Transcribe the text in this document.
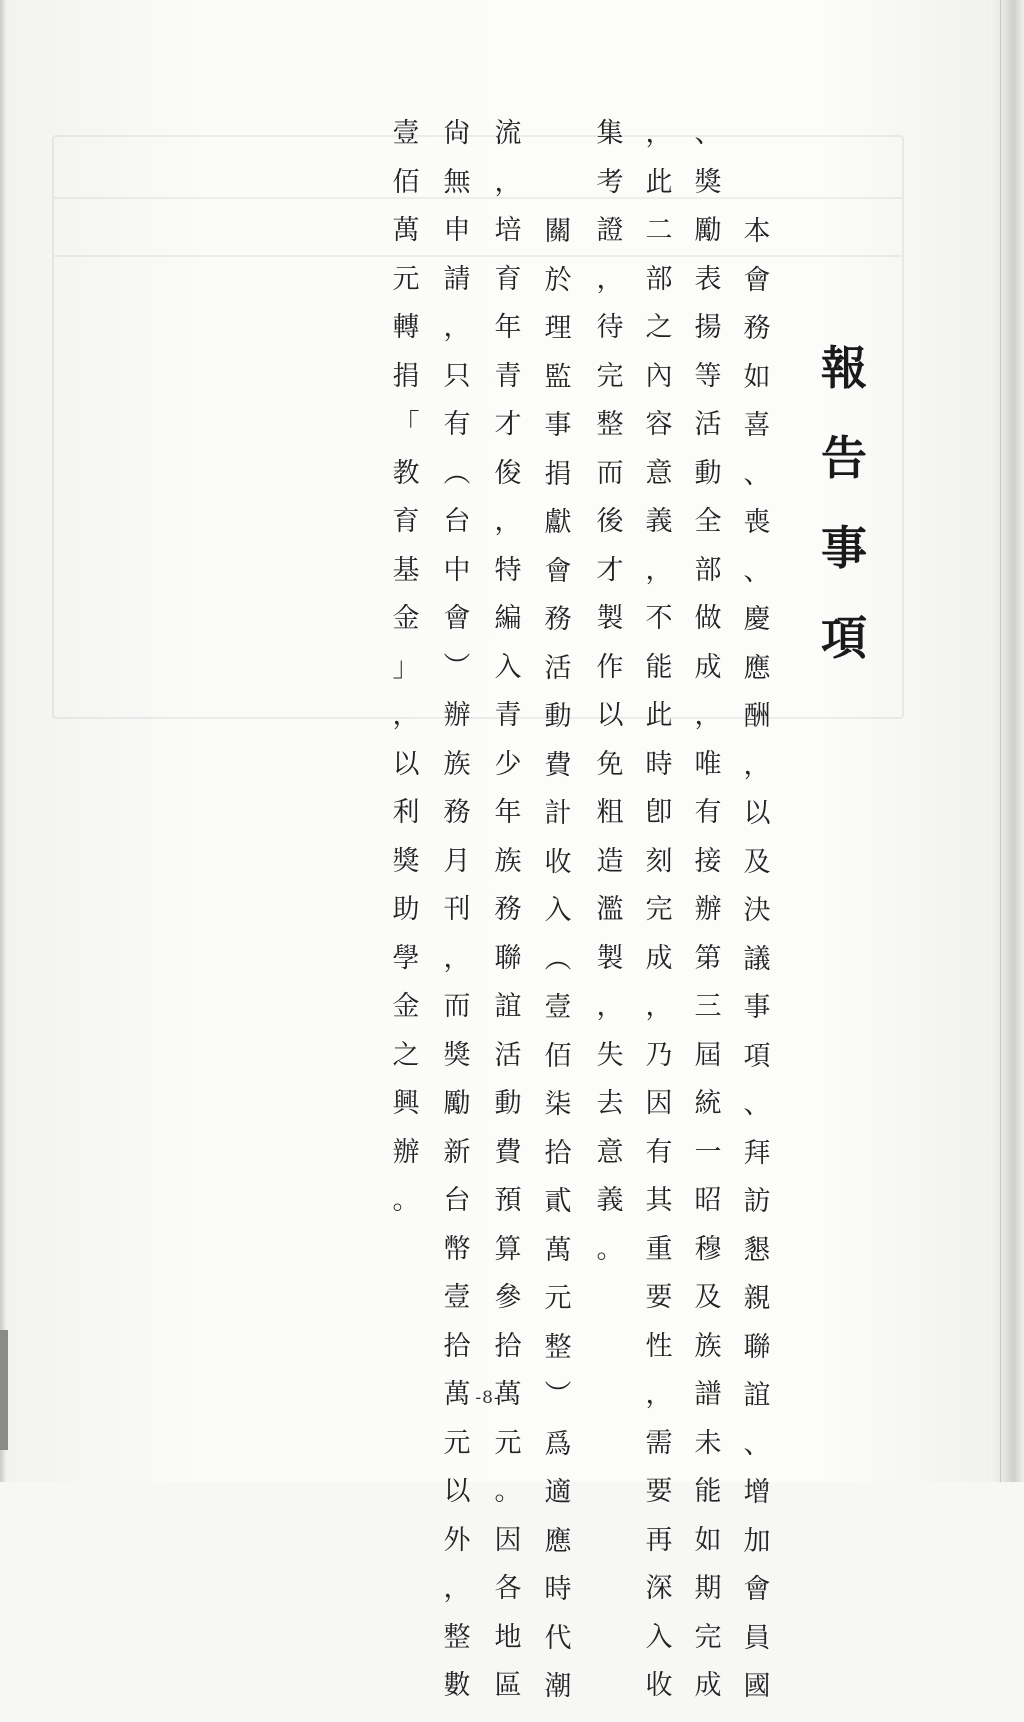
報
告
事
項
本
會
務
如
喜
、
喪
、
慶
應
酬
，
以
及
決
議
事
項
、
拜
訪
懇
親
聯
誼
、
增
加
會
員
國
、
獎
勵
表
揚
等
活
動
全
部
做
成
，
唯
有
接
辦
第
三
屆
統
一
昭
穆
及
族
譜
未
能
如
期
完
成
，
此
二
部
之
內
容
意
義
，
不
能
此
時
卽
刻
完
成
，
乃
因
有
其
重
要
性
，
需
要
再
深
入
收
集
考
證
，
待
完
整
而
後
才
製
作
以
免
粗
造
濫
製
，
失
去
意
義
。
關
於
理
監
事
捐
獻
會
務
活
動
費
計
收
入
︵
壹
佰
柒
拾
貳
萬
元
整
︶
爲
適
應
時
代
潮
流
，
培
育
年
青
才
俊
，
特
編
入
青
少
年
族
務
聯
誼
活
動
費
預
算
參
拾
萬
元
。
因
各
地
區
尙
無
申
請
，
只
有
︵
台
中
會
︶
辦
族
務
月
刊
，
而
獎
勵
新
台
幣
壹
拾
萬
元
以
外
，
整
數
壹
佰
萬
元
轉
捐
「
教
育
基
金
」
，
以
利
獎
助
學
金
之
興
辦
。
-8-
